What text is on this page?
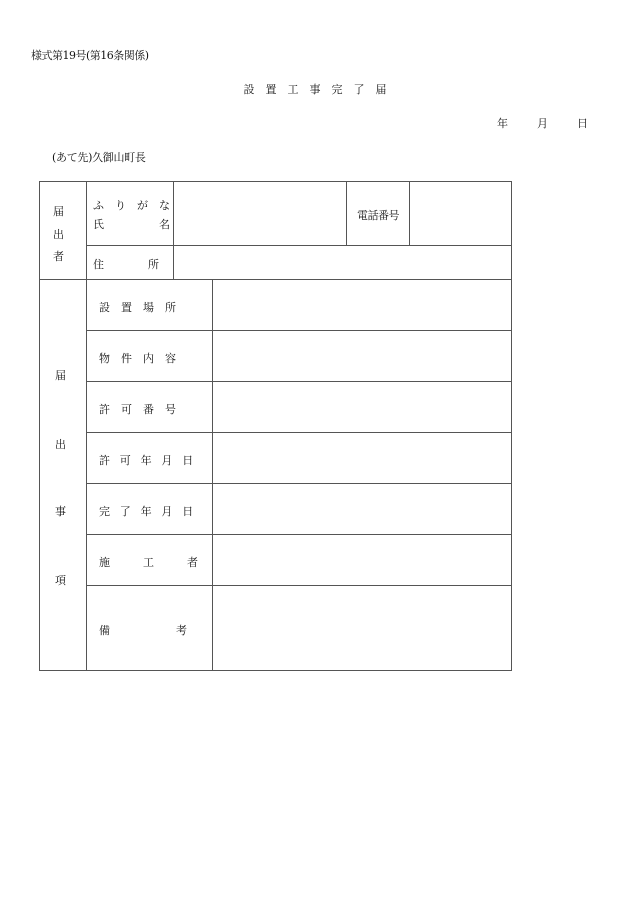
様式第19号(第16条関係)
設　置　工　事　完　了　届
年	月	日
(あて先)久御山町長
届
出
者
ふ　り　が　な
氏　　　　　名
電話番号
住　　　　所
届
出
事
項
設　置　場　所
物　件　内　容
許　可　番　号
許　可　年　月　日
完　了　年　月　日
施　　　工　　　者
備　　　　　　考
